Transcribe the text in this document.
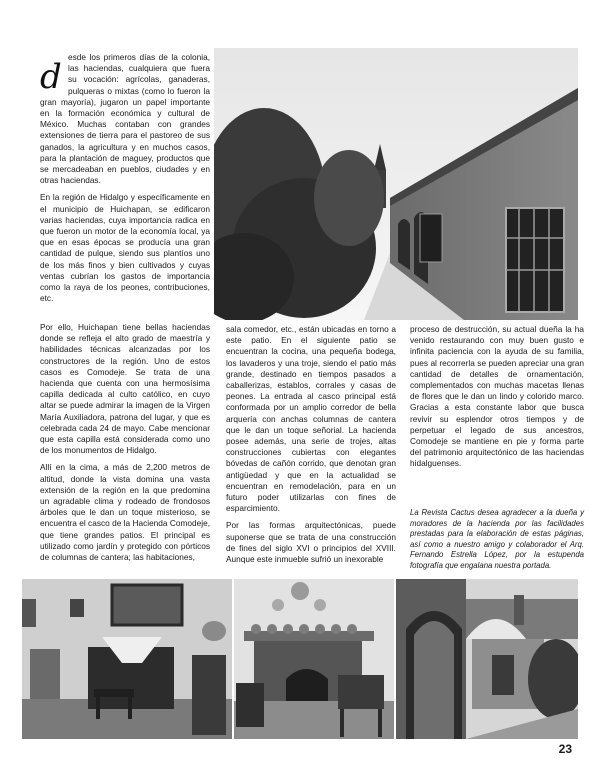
desde los primeros días de la colonia, las haciendas, cualquiera que fuera su vocación: agrícolas, ganaderas, pulqueras o mixtas (como lo fueron la gran mayoría), jugaron un papel importante en la formación económica y cultural de México. Muchas contaban con grandes extensiones de tierra para el pastoreo de sus ganados, la agricultura y en muchos casos, para la plantación de maguey, productos que se mercadeaban en pueblos, ciudades y en otras haciendas.

En la región de Hidalgo y específicamente en el municipio de Huichapan, se edificaron varias haciendas, cuya importancia radica en que fueron un motor de la economía local, ya que en esas épocas se producía una gran cantidad de pulque, siendo sus plantíos uno de los más finos y bien cultivados y cuyas ventas cubrían los gastos de importancia como la raya de los peones, contribuciones, etc.

Por ello, Huichapan tiene bellas haciendas donde se refleja el alto grado de maestría y habilidades técnicas alcanzadas por los constructores de la región. Uno de estos casos es Comodeje. Se trata de una hacienda que cuenta con una hermosísima capilla dedicada al culto católico, en cuyo altar se puede admirar la imagen de la Virgen María Auxiliadora, patrona del lugar, y que es celebrada cada 24 de mayo. Cabe mencionar que esta capilla está considerada como uno de los monumentos de Hidalgo.

Allí en la cima, a más de 2,200 metros de altitud, donde la vista domina una vasta extensión de la región en la que predomina un agradable clima y rodeado de frondosos árboles que le dan un toque misterioso, se encuentra el casco de la Hacienda Comodeje, que tiene grandes patios. El principal es utilizado como jardín y protegido con pórticos de columnas de cantera; las habitaciones,

sala comedor, etc., están ubicadas en torno a este patio. En el siguiente patio se encuentran la cocina, una pequeña bodega, los lavaderos y una troje, siendo el patio más grande, destinado en tiempos pasados a caballerizas, establos, corrales y casas de peones. La entrada al casco principal está conformada por un amplio corredor de bella arquería con anchas columnas de cantera que le dan un toque señorial. La hacienda posee además, una serie de trojes, altas construcciones cubiertas con elegantes bóvedas de cañón corrido, que denotan gran antigüedad y que en la actualidad se encuentran en remodelación, para en un futuro poder utilizarlas con fines de esparcimiento.

Por las formas arquitectónicas, puede suponerse que se trata de una construcción de fines del siglo XVI o principios del XVIII. Aunque este inmueble sufrió un inexorable

proceso de destrucción, su actual dueña la ha venido restaurando con muy buen gusto e infinita paciencia con la ayuda de su familia, pues al recorrerla se pueden apreciar una gran cantidad de detalles de ornamentación, complementados con muchas macetas llenas de flores que le dan un lindo y colorido marco. Gracias a esta constante labor que busca revivir su esplendor otros tiempos y de perpetuar el legado de sus ancestros, Comodeje se mantiene en pie y forma parte del patrimonio arquitectónico de las haciendas hidalguenses.

La Revista Cactus desea agradecer a la dueña y moradores de la hacienda por las facilidades prestadas para la elaboración de estas páginas, así como a nuestro amigo y colaborador el Arq. Fernando Estrella López, por la estupenda fotografía que engalana nuestra portada.
23
